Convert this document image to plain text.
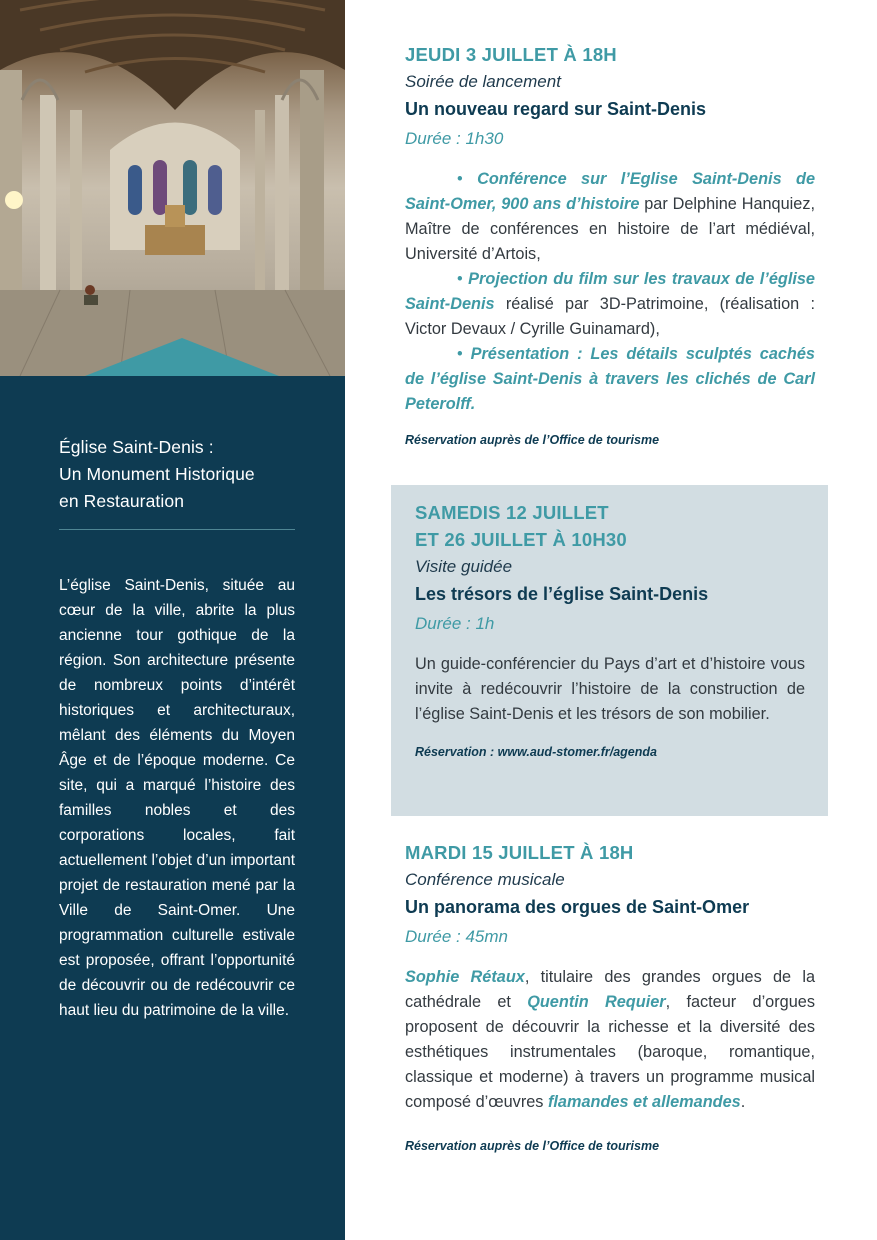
Église Saint-Denis :
Un Monument Historique
en Restauration

L’église Saint-Denis, située au cœur de la ville, abrite la plus ancienne tour gothique de la région. Son architecture présente de nombreux points d’intérêt historiques et architecturaux, mêlant des éléments du Moyen Âge et de l’époque moderne. Ce site, qui a marqué l’histoire des familles nobles et des corporations locales, fait actuellement l’objet d’un important projet de restauration mené par la Ville de Saint-Omer. Une programmation culturelle estivale est proposée, offrant l’opportunité de découvrir ou de redécouvrir ce haut lieu du patrimoine de la ville.

JEUDI 3 JUILLET À 18H
Soirée de lancement
Un nouveau regard sur Saint-Denis
Durée : 1h30
• Conférence sur l’Eglise Saint-Denis de Saint-Omer, 900 ans d’histoire par Delphine Hanquiez, Maître de conférences en histoire de l’art médiéval, Université d’Artois,
• Projection du film sur les travaux de l’église Saint-Denis réalisé par 3D-Patrimoine, (réalisation : Victor Devaux / Cyrille Guinamard),
• Présentation : Les détails sculptés cachés de l’église Saint-Denis à travers les clichés de Carl Peterolff.
Réservation auprès de l’Office de tourisme
SAMEDIS 12 JUILLET
ET 26 JUILLET À 10H30
Visite guidée
Les trésors de l’église Saint-Denis
Durée : 1h

Un guide-conférencier du Pays d’art et d’histoire vous invite à redécouvrir l’histoire de la construction de l’église Saint-Denis et les trésors de son mobilier.

Réservation : www.aud-stomer.fr/agenda
MARDI 15 JUILLET À 18H
Conférence musicale
Un panorama des orgues de Saint-Omer
Durée : 45mn

Sophie Rétaux, titulaire des grandes orgues de la cathédrale et Quentin Requier, facteur d’orgues proposent de découvrir la richesse et la diversité des esthétiques instrumentales (baroque, romantique, classique et moderne) à travers un programme musical composé d’œuvres flamandes et allemandes.

Réservation auprès de l’Office de tourisme
